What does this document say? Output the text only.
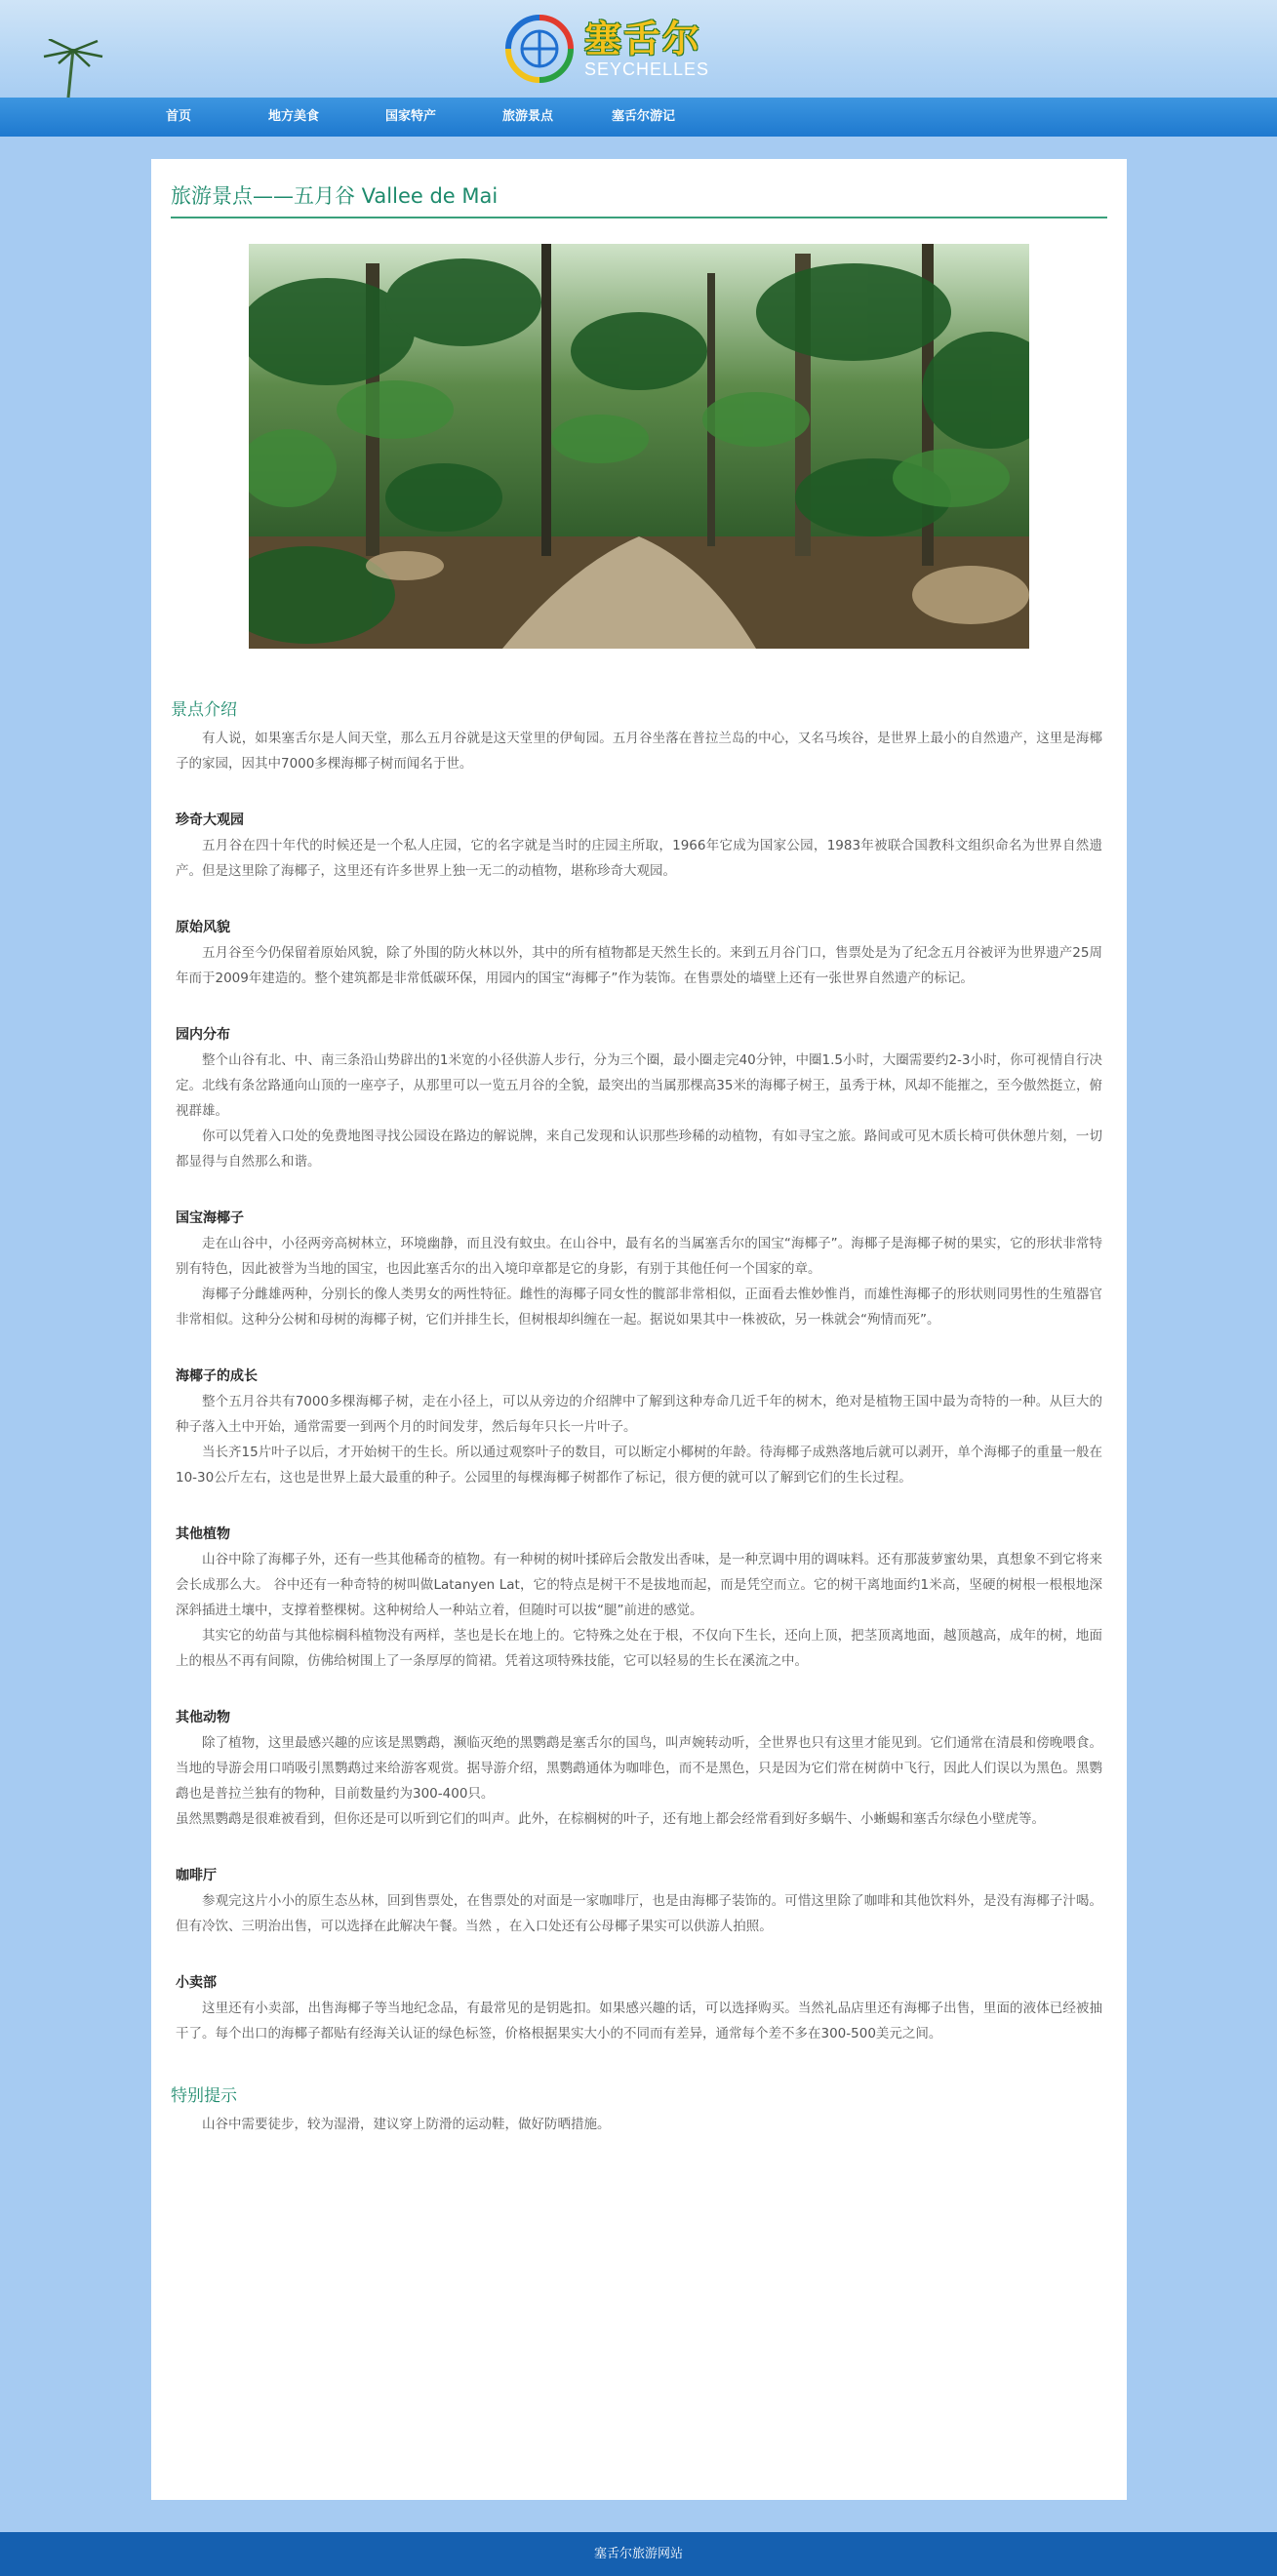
塞舌尔
SEYCHELLES
首页	地方美食	国家特产	旅游景点	塞舌尔游记
旅游景点——五月谷 Vallee de Mai
景点介绍

有人说，如果塞舌尔是人间天堂，那么五月谷就是这天堂里的伊甸园。五月谷坐落在普拉兰岛的中心，又名马埃谷，是世界上最小的自然遗产，这里是海椰子的家园，因其中7000多棵海椰子树而闻名于世。

珍奇大观园

五月谷在四十年代的时候还是一个私人庄园，它的名字就是当时的庄园主所取，1966年它成为国家公园，1983年被联合国教科文组织命名为世界自然遗产。但是这里除了海椰子，这里还有许多世界上独一无二的动植物，堪称珍奇大观园。

原始风貌

五月谷至今仍保留着原始风貌，除了外围的防火林以外，其中的所有植物都是天然生长的。来到五月谷门口，售票处是为了纪念五月谷被评为世界遗产25周年而于2009年建造的。整个建筑都是非常低碳环保，用园内的国宝“海椰子”作为装饰。在售票处的墙壁上还有一张世界自然遗产的标记。

园内分布

整个山谷有北、中、南三条沿山势辟出的1米宽的小径供游人步行，分为三个圈，最小圈走完40分钟，中圈1.5小时，大圈需要约2-3小时，你可视情自行决定。北线有条岔路通向山顶的一座亭子，从那里可以一览五月谷的全貌，最突出的当属那棵高35米的海椰子树王，虽秀于林，风却不能摧之，至今傲然挺立，俯视群雄。

你可以凭着入口处的免费地图寻找公园设在路边的解说牌，来自己发现和认识那些珍稀的动植物，有如寻宝之旅。路间或可见木质长椅可供休憩片刻，一切都显得与自然那么和谐。

国宝海椰子

走在山谷中，小径两旁高树林立，环境幽静，而且没有蚊虫。在山谷中，最有名的当属塞舌尔的国宝“海椰子”。海椰子是海椰子树的果实，它的形状非常特别有特色，因此被誉为当地的国宝，也因此塞舌尔的出入境印章都是它的身影，有别于其他任何一个国家的章。

海椰子分雌雄两种，分别长的像人类男女的两性特征。雌性的海椰子同女性的髋部非常相似，正面看去惟妙惟肖，而雄性海椰子的形状则同男性的生殖器官非常相似。这种分公树和母树的海椰子树，它们并排生长，但树根却纠缠在一起。据说如果其中一株被砍，另一株就会“殉情而死”。

海椰子的成长

整个五月谷共有7000多棵海椰子树，走在小径上，可以从旁边的介绍牌中了解到这种寿命几近千年的树木，绝对是植物王国中最为奇特的一种。从巨大的种子落入土中开始，通常需要一到两个月的时间发芽，然后每年只长一片叶子。

当长齐15片叶子以后，才开始树干的生长。所以通过观察叶子的数目，可以断定小椰树的年龄。待海椰子成熟落地后就可以剥开，单个海椰子的重量一般在10-30公斤左右，这也是世界上最大最重的种子。公园里的每棵海椰子树都作了标记，很方便的就可以了解到它们的生长过程。

其他植物

山谷中除了海椰子外，还有一些其他稀奇的植物。有一种树的树叶揉碎后会散发出香味，是一种烹调中用的调味料。还有那菠萝蜜幼果，真想象不到它将来会长成那么大。 谷中还有一种奇特的树叫做Latanyen Lat，它的特点是树干不是拔地而起，而是凭空而立。它的树干离地面约1米高，坚硬的树根一根根地深深斜插进土壤中，支撑着整棵树。这种树给人一种站立着，但随时可以拔“腿”前进的感觉。

其实它的幼苗与其他棕榈科植物没有两样，茎也是长在地上的。它特殊之处在于根，不仅向下生长，还向上顶，把茎顶离地面，越顶越高，成年的树，地面上的根丛不再有间隙，仿佛给树围上了一条厚厚的简裙。凭着这项特殊技能，它可以轻易的生长在溪流之中。

其他动物

除了植物，这里最感兴趣的应该是黑鹦鹉，濒临灭绝的黑鹦鹉是塞舌尔的国鸟，叫声婉转动听，全世界也只有这里才能见到。它们通常在清晨和傍晚喂食。当地的导游会用口哨吸引黑鹦鹉过来给游客观赏。据导游介绍，黑鹦鹉通体为咖啡色，而不是黑色，只是因为它们常在树荫中飞行，因此人们误以为黑色。黑鹦鹉也是普拉兰独有的物种，目前数量约为300-400只。

虽然黑鹦鹉是很难被看到，但你还是可以听到它们的叫声。此外，在棕榈树的叶子，还有地上都会经常看到好多蜗牛、小蜥蜴和塞舌尔绿色小壁虎等。

咖啡厅

参观完这片小小的原生态丛林，回到售票处，在售票处的对面是一家咖啡厅，也是由海椰子装饰的。可惜这里除了咖啡和其他饮料外，是没有海椰子汁喝。但有冷饮、三明治出售，可以选择在此解决午餐。当然 ，在入口处还有公母椰子果实可以供游人拍照。

小卖部

这里还有小卖部，出售海椰子等当地纪念品，有最常见的是钥匙扣。如果感兴趣的话，可以选择购买。当然礼品店里还有海椰子出售，里面的液体已经被抽干了。每个出口的海椰子都贴有经海关认证的绿色标签，价格根据果实大小的不同而有差异，通常每个差不多在300-500美元之间。

特别提示

山谷中需要徒步，较为湿滑，建议穿上防滑的运动鞋，做好防晒措施。

塞舌尔旅游网站
